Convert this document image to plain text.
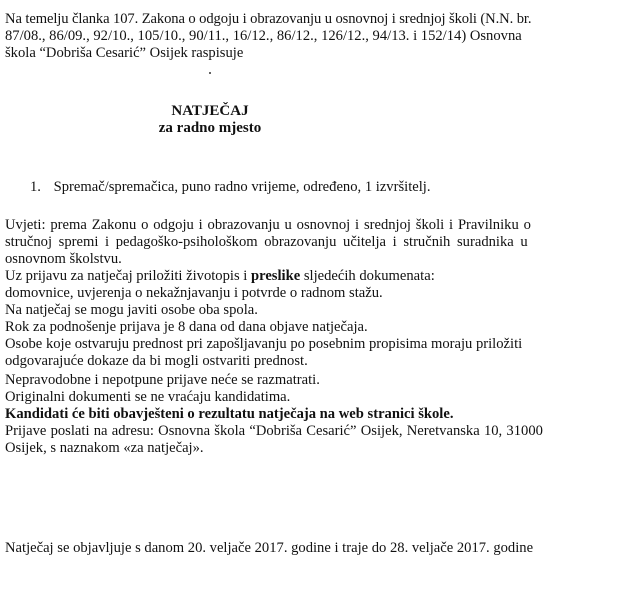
Na temelju članka 107. Zakona o odgoju i obrazovanju u osnovnoj i srednjoj školi (N.N. br.
87/08., 86/09., 92/10., 105/10., 90/11., 16/12., 86/12., 126/12., 94/13. i 152/14) Osnovna
škola “Dobriša Cesarić” Osijek raspisuje
NATJEČAJ
za radno mjesto
1. Spremač/spremačica, puno radno vrijeme, određeno, 1 izvršitelj.
Uvjeti: prema Zakonu o odgoju i obrazovanju u osnovnoj i srednjoj školi i Pravilniku o
stručnoj spremi i pedagoško-psihološkom obrazovanju učitelja i stručnih suradnika u
osnovnom školstvu.
Uz prijavu za natječaj priložiti životopis i preslike sljedećih dokumenata:
domovnice, uvjerenja o nekažnjavanju i potvrde o radnom stažu.
Na natječaj se mogu javiti osobe oba spola.
Rok za podnošenje prijava je 8 dana od dana objave natječaja.
Osobe koje ostvaruju prednost pri zapošljavanju po posebnim propisima moraju priložiti
odgovarajuće dokaze da bi mogli ostvariti prednost.
Nepravodobne i nepotpune prijave neće se razmatrati.
Originalni dokumenti se ne vraćaju kandidatima.
Kandidati će biti obavješteni o rezultatu natječaja na web stranici škole.
Prijave poslati na adresu: Osnovna škola “Dobriša Cesarić” Osijek, Neretvanska 10, 31000
Osijek, s naznakom «za natječaj».
Natječaj se objavljuje s danom 20. veljače 2017. godine i traje do 28. veljače 2017. godine
